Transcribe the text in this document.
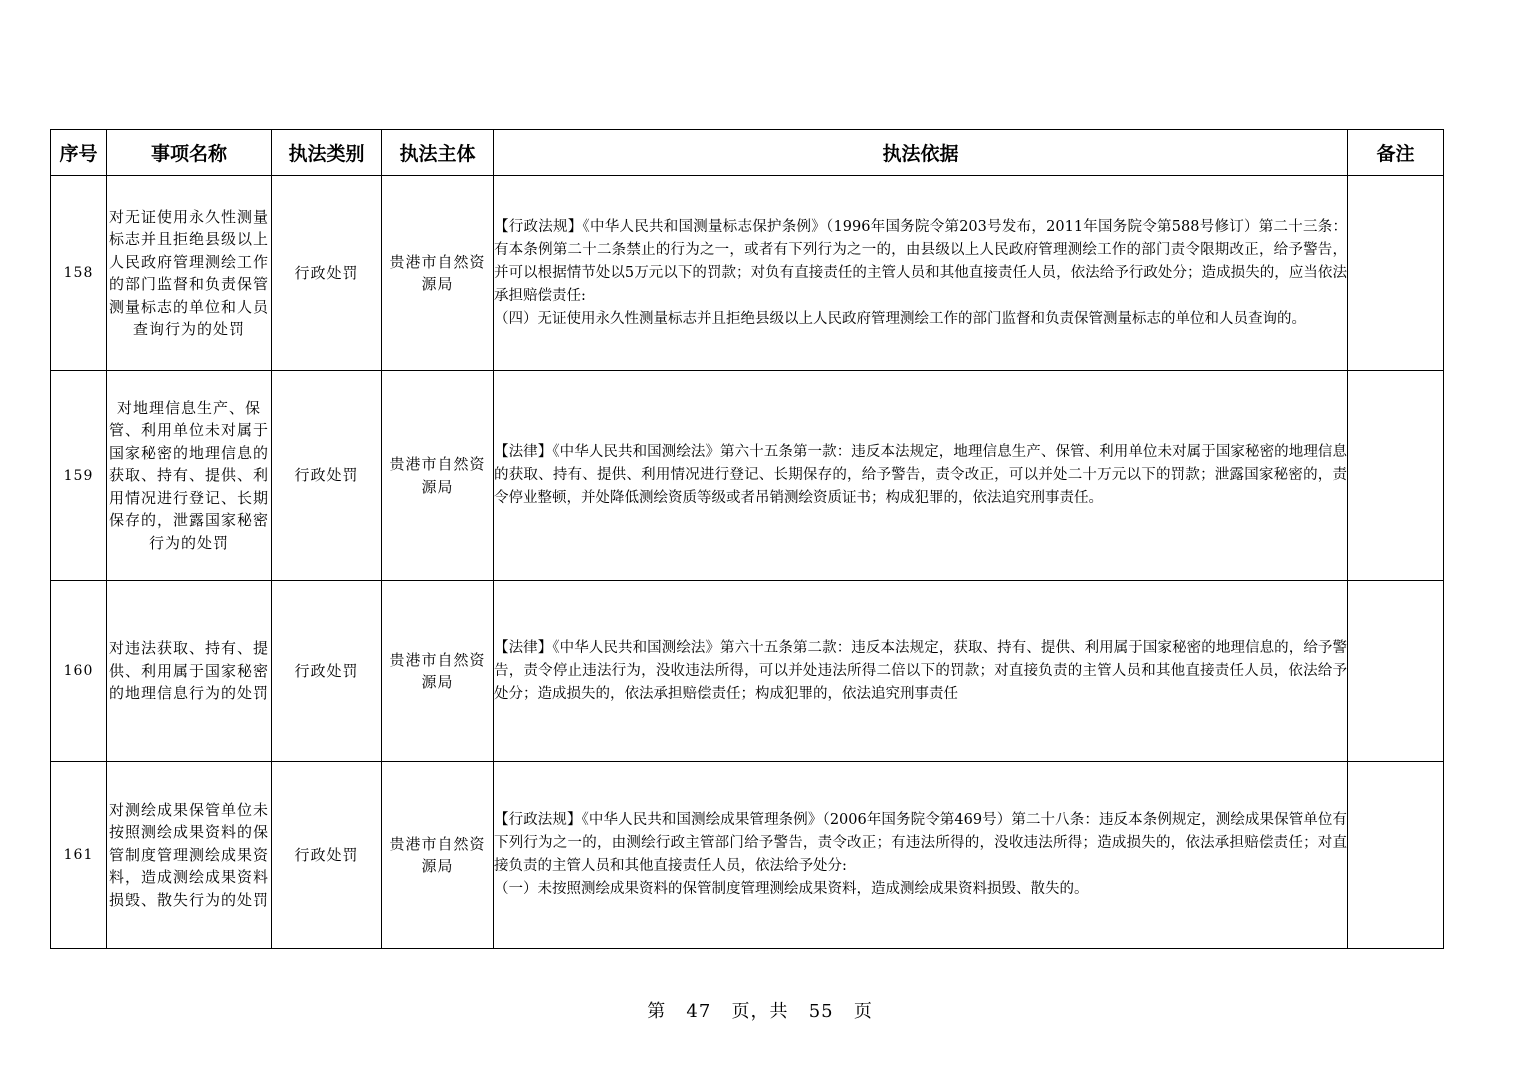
序号	事项名称	执法类别	执法主体	执法依据	备注
158	对无证使用永久性测量标志并且拒绝县级以上人民政府管理测绘工作的部门监督和负责保管测量标志的单位和人员查询行为的处罚	行政处罚	贵港市自然资源局	【行政法规】《中华人民共和国测量标志保护条例》（1996年国务院令第203号发布，2011年国务院令第588号修订）第二十三条：有本条例第二十二条禁止的行为之一，或者有下列行为之一的，由县级以上人民政府管理测绘工作的部门责令限期改正，给予警告，并可以根据情节处以5万元以下的罚款；对负有直接责任的主管人员和其他直接责任人员，依法给予行政处分；造成损失的，应当依法承担赔偿责任:
（四）无证使用永久性测量标志并且拒绝县级以上人民政府管理测绘工作的部门监督和负责保管测量标志的单位和人员查询的。	

159	对地理信息生产、保管、利用单位未对属于国家秘密的地理信息的获取、持有、提供、利用情况进行登记、长期保存的，泄露国家秘密行为的处罚	行政处罚	贵港市自然资源局	【法律】《中华人民共和国测绘法》第六十五条第一款：违反本法规定，地理信息生产、保管、利用单位未对属于国家秘密的地理信息的获取、持有、提供、利用情况进行登记、长期保存的，给予警告，责令改正，可以并处二十万元以下的罚款；泄露国家秘密的，责令停业整顿，并处降低测绘资质等级或者吊销测绘资质证书；构成犯罪的，依法追究刑事责任。	

160	对违法获取、持有、提供、利用属于国家秘密的地理信息行为的处罚	行政处罚	贵港市自然资源局	【法律】《中华人民共和国测绘法》第六十五条第二款：违反本法规定，获取、持有、提供、利用属于国家秘密的地理信息的，给予警告，责令停止违法行为，没收违法所得，可以并处违法所得二倍以下的罚款；对直接负责的主管人员和其他直接责任人员，依法给予处分；造成损失的，依法承担赔偿责任；构成犯罪的，依法追究刑事责任	

161	对测绘成果保管单位未按照测绘成果资料的保管制度管理测绘成果资料，造成测绘成果资料损毁、散失行为的处罚	行政处罚	贵港市自然资源局	【行政法规】《中华人民共和国测绘成果管理条例》（2006年国务院令第469号）第二十八条：违反本条例规定，测绘成果保管单位有下列行为之一的，由测绘行政主管部门给予警告，责令改正；有违法所得的，没收违法所得；造成损失的，依法承担赔偿责任；对直接负责的主管人员和其他直接责任人员，依法给予处分:
（一）未按照测绘成果资料的保管制度管理测绘成果资料，造成测绘成果资料损毁、散失的。	

第 47 页，共 55 页
